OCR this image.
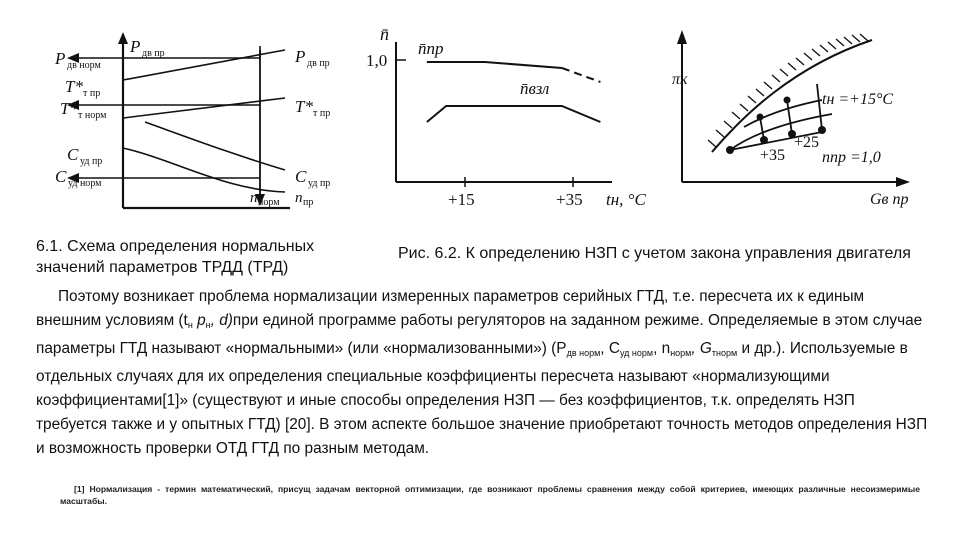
P дв норм
P дв пр	P дв пр
T* т пр
T* т норм	T* т пр
C уд пр
C уд норм	C уд пр
n норм n пр
6.1. Схема определения нормальных значений параметров ТРДД (ТРД)
n̄
1,0
n̄пр
n̄взл
+15	+35 tн, °C
Рис. 6.2. К определению НЗП с учетом закона управления двигателя
πк
tн =+15°C
+25
+35 nпр =1,0
Gв пр

Поэтому возникает проблема нормализации измеренных параметров серийных ГТД, т.е. пересчета их к единым внешним условиям ($t_н$ $p_н$, d)при единой программе работы регуляторов на заданном режиме. Определяемые в этом случае параметры ГТД называют «нормальными» (или «нормализованными») ($P_{дв норм}$, $C_{уд норм}$, $n_{норм}$, $G_{тнорм}$ и др.). Используемые в отдельных случаях для их определения специальные коэффициенты пересчета называют «нормализующими коэффициентами[1]» (существуют и иные способы определения НЗП — без коэффициентов, т.к. определять НЗП требуется также и у опытных ГТД) [20]. В этом аспекте большое значение приобретают точность методов определения НЗП и возможность проверки ОТД ГТД по разным методам.

[1] Нормализация - термин математический, присущ задачам векторной оптимизации, где возникают проблемы сравнения между собой критериев, имеющих различные несоизмеримые масштабы.
